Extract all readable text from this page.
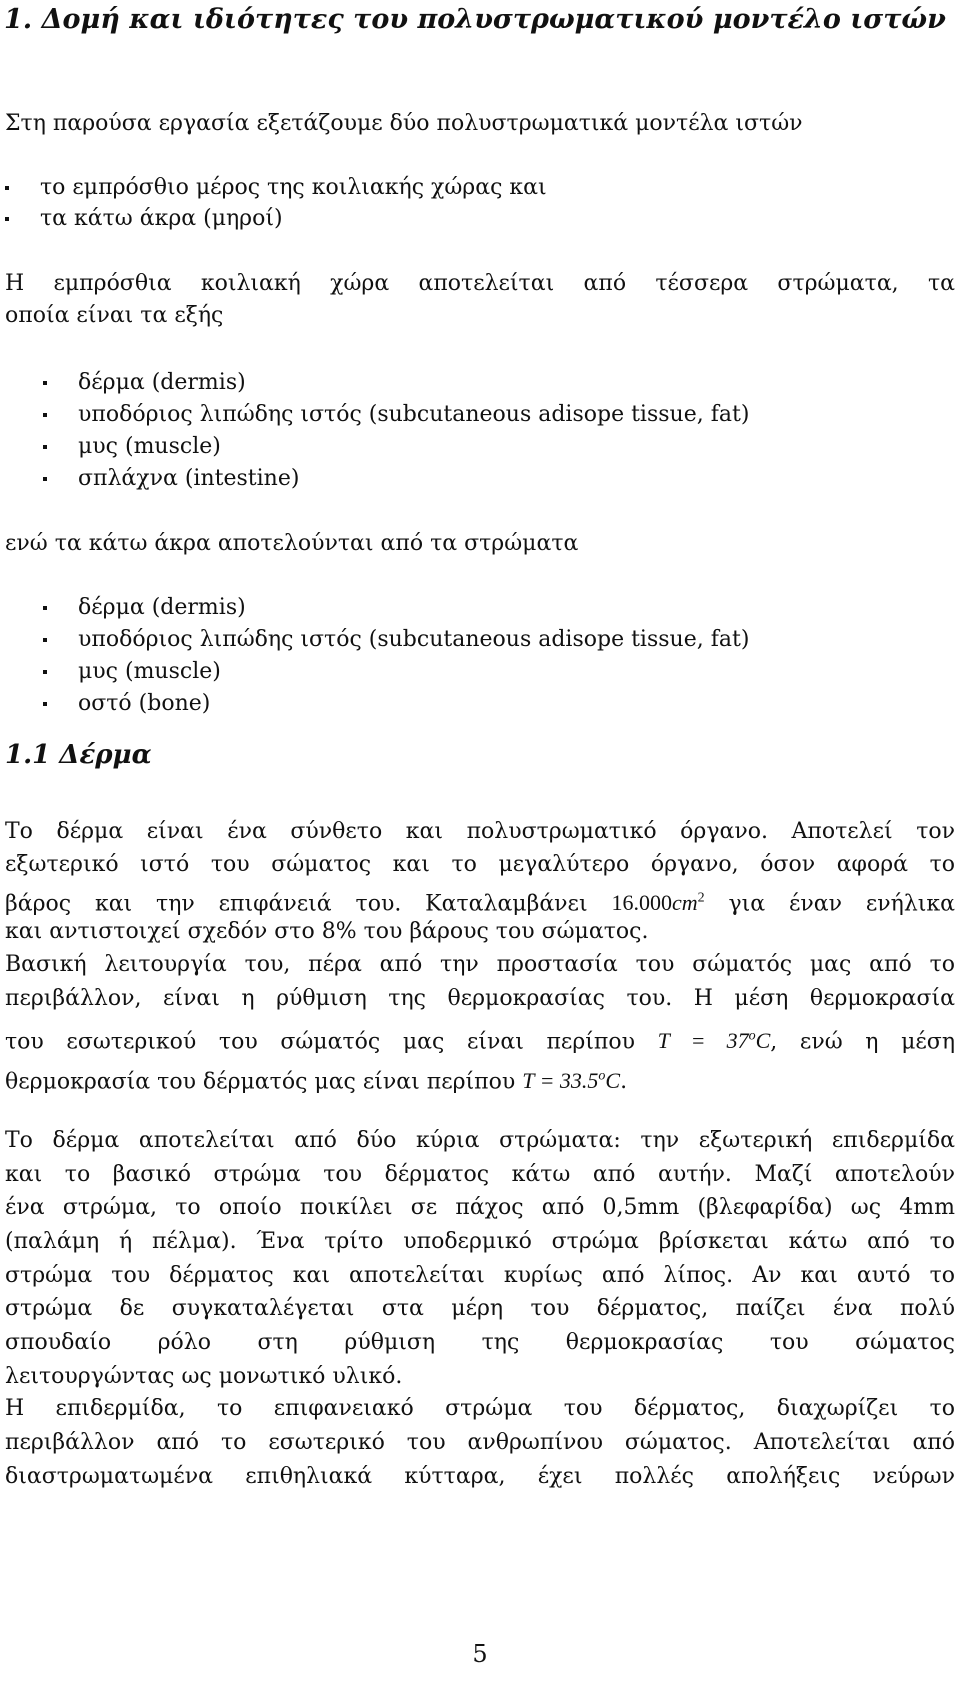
1. Δομή και ιδιότητες του πολυστρωματικού μοντέλο ιστών
Στη παρούσα εργασία εξετάζουμε δύο πολυστρωματικά μοντέλα ιστών
το εμπρόσθιο μέρος της κοιλιακής χώρας και
τα κάτω άκρα (μηροί)
Η εμπρόσθια κοιλιακή χώρα αποτελείται από τέσσερα στρώματα, τα
οποία είναι τα εξής
δέρμα (dermis)
υποδόριος λιπώδης ιστός (subcutaneous adisope tissue, fat)
μυς (muscle)
σπλάχνα (intestine)
ενώ τα κάτω άκρα αποτελούνται από τα στρώματα
δέρμα (dermis)
υποδόριος λιπώδης ιστός (subcutaneous adisope tissue, fat)
μυς (muscle)
οστό (bone)
1.1 Δέρμα
Το δέρμα είναι ένα σύνθετο και πολυστρωματικό όργανο. Αποτελεί τον
εξωτερικό ιστό του σώματος και το μεγαλύτερο όργανο, όσον αφορά το
βάρος και την επιφάνειά του. Καταλαμβάνει $16.000cm^2$ για έναν ενήλικα
και αντιστοιχεί σχεδόν στο 8% του βάρους του σώματος.
Βασική λειτουργία του, πέρα από την προστασία του σώματός μας από το
περιβάλλον, είναι η ρύθμιση της θερμοκρασίας του. Η μέση θερμοκρασία
του εσωτερικού του σώματός μας είναι περίπου $T = 37^oC$, ενώ η μέση
θερμοκρασία του δέρματός μας είναι περίπου $T = 33.5^oC$.
Το δέρμα αποτελείται από δύο κύρια στρώματα: την εξωτερική επιδερμίδα
και το βασικό στρώμα του δέρματος κάτω από αυτήν. Μαζί αποτελούν
ένα στρώμα, το οποίο ποικίλει σε πάχος από 0,5mm (βλεφαρίδα) ως 4mm
(παλάμη ή πέλμα). Ένα τρίτο υποδερμικό στρώμα βρίσκεται κάτω από το
στρώμα του δέρματος και αποτελείται κυρίως από λίπος. Αν και αυτό το
στρώμα δε συγκαταλέγεται στα μέρη του δέρματος, παίζει ένα πολύ
σπουδαίο ρόλο στη ρύθμιση της θερμοκρασίας του σώματος
λειτουργώντας ως μονωτικό υλικό.
Η επιδερμίδα, το επιφανειακό στρώμα του δέρματος, διαχωρίζει το
περιβάλλον από το εσωτερικό του ανθρωπίνου σώματος. Αποτελείται από
διαστρωματωμένα επιθηλιακά κύτταρα, έχει πολλές απολήξεις νεύρων
5
